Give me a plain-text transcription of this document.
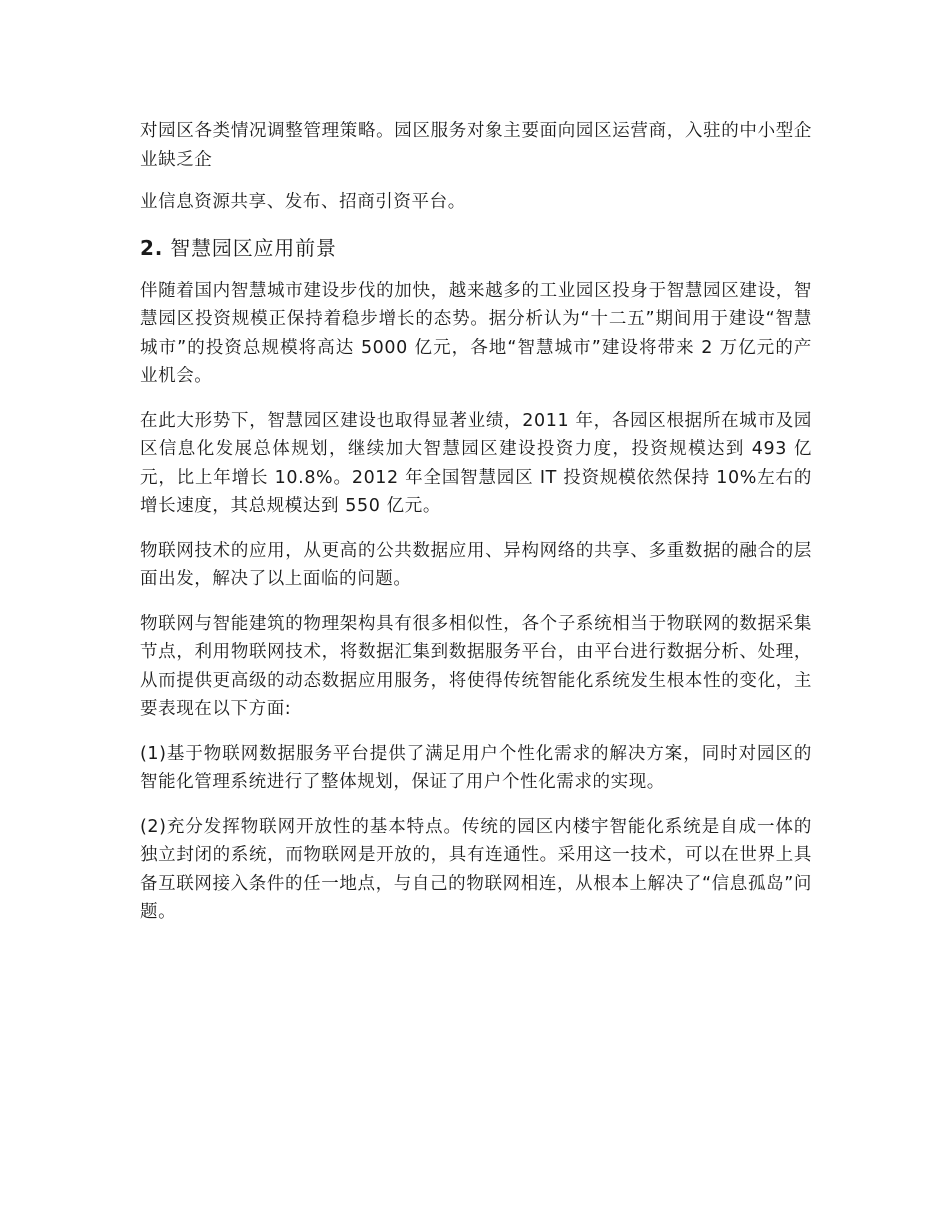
对园区各类情况调整管理策略。园区服务对象主要面向园区运营商，入驻的中小型企业缺乏企

业信息资源共享、发布、招商引资平台。

2. 智慧园区应用前景

伴随着国内智慧城市建设步伐的加快，越来越多的工业园区投身于智慧园区建设，智慧园区投资规模正保持着稳步增长的态势。据分析认为“十二五”期间用于建设“智慧城市”的投资总规模将高达 5000 亿元，各地“智慧城市”建设将带来 2 万亿元的产业机会。

在此大形势下，智慧园区建设也取得显著业绩，2011 年，各园区根据所在城市及园区信息化发展总体规划，继续加大智慧园区建设投资力度，投资规模达到 493 亿元，比上年增长 10.8%。2012 年全国智慧园区 IT 投资规模依然保持 10%左右的增长速度，其总规模达到 550 亿元。

物联网技术的应用，从更高的公共数据应用、异构网络的共享、多重数据的融合的层面出发，解决了以上面临的问题。

物联网与智能建筑的物理架构具有很多相似性，各个子系统相当于物联网的数据采集节点，利用物联网技术，将数据汇集到数据服务平台，由平台进行数据分析、处理，从而提供更高级的动态数据应用服务，将使得传统智能化系统发生根本性的变化，主要表现在以下方面:

(1)基于物联网数据服务平台提供了满足用户个性化需求的解决方案，同时对园区的智能化管理系统进行了整体规划，保证了用户个性化需求的实现。

(2)充分发挥物联网开放性的基本特点。传统的园区内楼宇智能化系统是自成一体的独立封闭的系统，而物联网是开放的，具有连通性。采用这一技术，可以在世界上具备互联网接入条件的任一地点，与自己的物联网相连，从根本上解决了“信息孤岛”问题。
